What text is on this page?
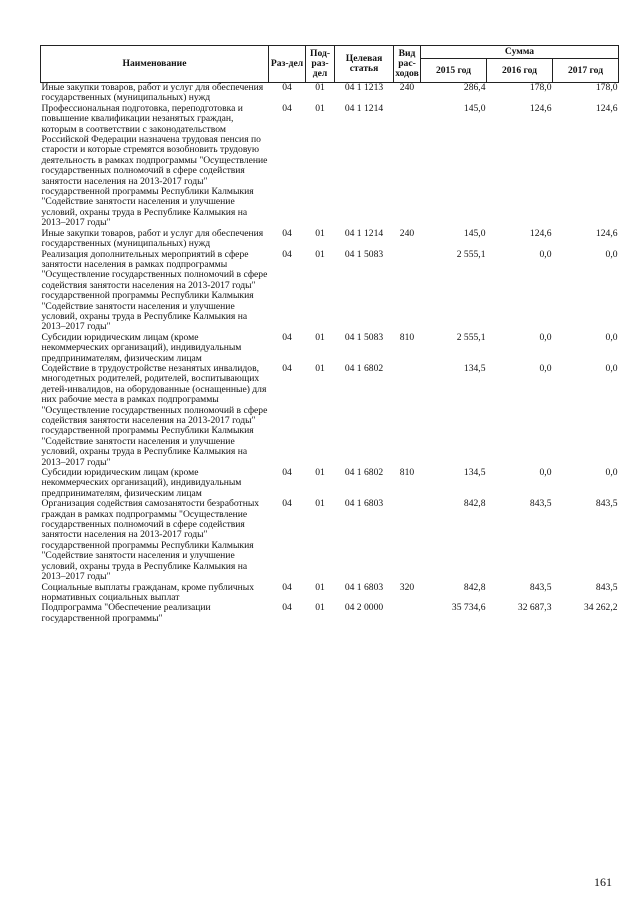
Наименование	Раз-дел	Под-раз-дел	Целевая статья	Вид рас-ходов	Сумма		
					2015 год	2016 год	2017 год
Иные закупки товаров, работ и услуг для обеспечения государственных (муниципальных) нужд	04	01	04 1 1213	240	286,4	178,0	178,0
Профессиональная подготовка, переподготовка и повышение квалификации незанятых граждан, которым в соответствии с законодательством Российской Федерации назначена трудовая пенсия по старости и которые стремятся возобновить трудовую деятельность в рамках подпрограммы "Осуществление государственных полномочий в сфере содействия занятости населения на 2013-2017 годы" государственной программы Республики Калмыкия "Содействие занятости населения и улучшение условий, охраны труда в Республике Калмыкия на 2013–2017 годы"	04	01	04 1 1214		145,0	124,6	124,6
Иные закупки товаров, работ и услуг для обеспечения государственных (муниципальных) нужд	04	01	04 1 1214	240	145,0	124,6	124,6
Реализация дополнительных мероприятий в сфере занятости населения в рамках подпрограммы "Осуществление государственных полномочий в сфере содействия занятости населения на 2013-2017 годы" государственной программы Республики Калмыкия "Содействие занятости населения и улучшение условий, охраны труда в Республике Калмыкия на 2013–2017 годы"	04	01	04 1 5083		2 555,1	0,0	0,0
Субсидии юридическим лицам (кроме некоммерческих организаций), индивидуальным предпринимателям, физическим лицам	04	01	04 1 5083	810	2 555,1	0,0	0,0
Содействие в трудоустройстве незанятых инвалидов, многодетных родителей, родителей, воспитывающих детей-инвалидов, на оборудованные (оснащенные) для них рабочие места в рамках подпрограммы "Осуществление государственных полномочий в сфере содействия занятости населения на 2013-2017 годы" государственной программы Республики Калмыкия "Содействие занятости населения и улучшение условий, охраны труда в Республике Калмыкия на 2013–2017 годы"	04	01	04 1 6802		134,5	0,0	0,0
Субсидии юридическим лицам (кроме некоммерческих организаций), индивидуальным предпринимателям, физическим лицам	04	01	04 1 6802	810	134,5	0,0	0,0
Организация содействия самозанятости безработных граждан в рамках подпрограммы "Осуществление государственных полномочий в сфере содействия занятости населения на 2013-2017 годы" государственной программы Республики Калмыкия "Содействие занятости населения и улучшение условий, охраны труда в Республике Калмыкия на 2013–2017 годы"	04	01	04 1 6803		842,8	843,5	843,5
Социальные выплаты гражданам, кроме публичных нормативных социальных выплат	04	01	04 1 6803	320	842,8	843,5	843,5
Подпрограмма "Обеспечение реализации государственной программы"	04	01	04 2 0000		35 734,6	32 687,3	34 262,2
161
